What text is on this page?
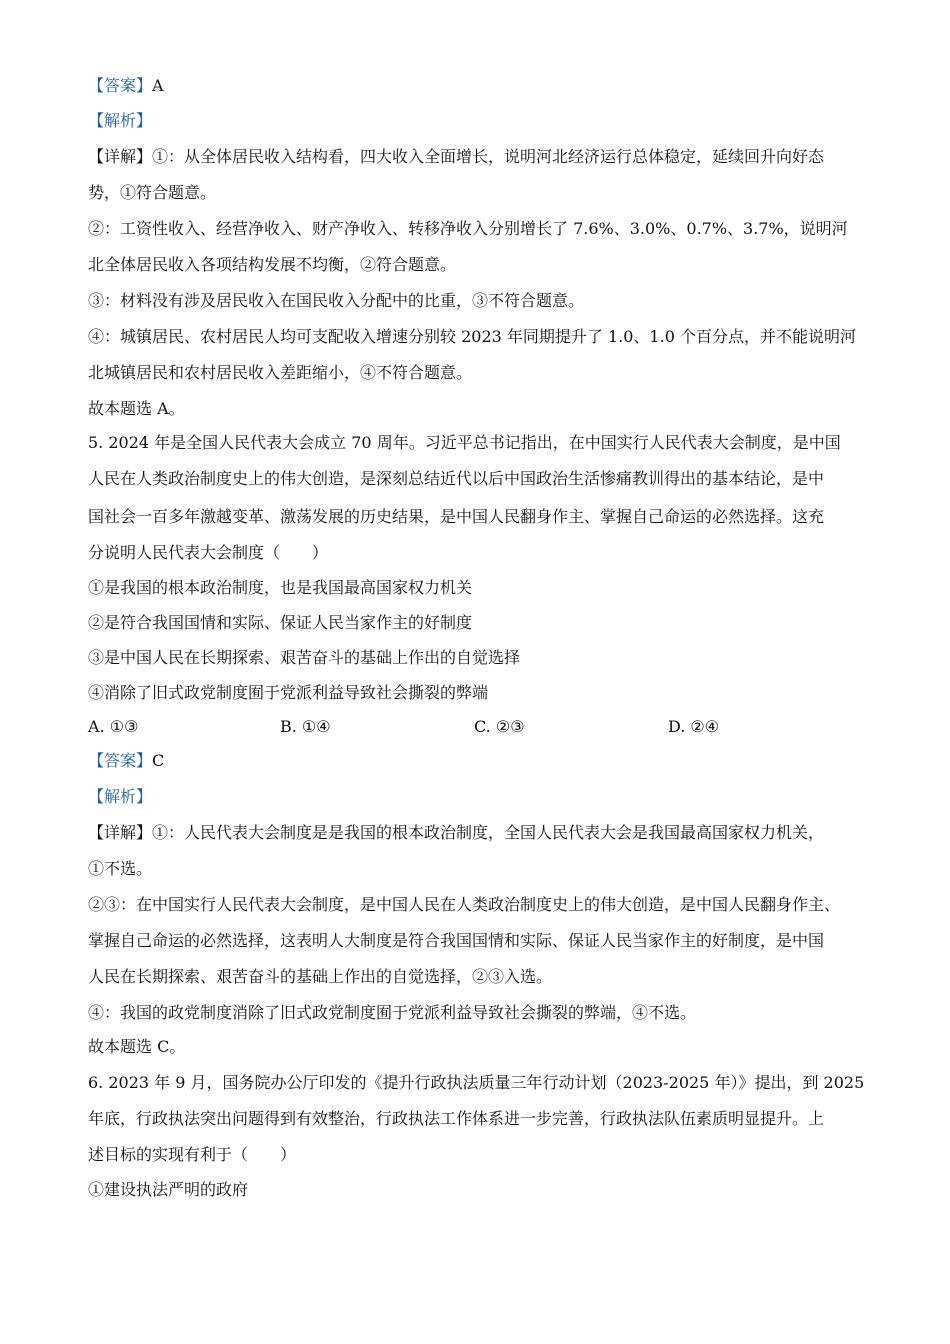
【答案】A
【解析】
【详解】①：从全体居民收入结构看，四大收入全面增长，说明河北经济运行总体稳定，延续回升向好态
势，①符合题意。
②：工资性收入、经营净收入、财产净收入、转移净收入分别增长了 7.6%、3.0%、0.7%、3.7%，说明河
北全体居民收入各项结构发展不均衡，②符合题意。
③：材料没有涉及居民收入在国民收入分配中的比重，③不符合题意。
④：城镇居民、农村居民人均可支配收入增速分别较 2023 年同期提升了 1.0、1.0 个百分点，并不能说明河
北城镇居民和农村居民收入差距缩小，④不符合题意。
故本题选 A。
5. 2024 年是全国人民代表大会成立 70 周年。习近平总书记指出，在中国实行人民代表大会制度，是中国
人民在人类政治制度史上的伟大创造，是深刻总结近代以后中国政治生活惨痛教训得出的基本结论，是中
国社会一百多年激越变革、激荡发展的历史结果，是中国人民翻身作主、掌握自己命运的必然选择。这充
分说明人民代表大会制度（　　）
①是我国的根本政治制度，也是我国最高国家权力机关
②是符合我国国情和实际、保证人民当家作主的好制度
③是中国人民在长期探索、艰苦奋斗的基础上作出的自觉选择
④消除了旧式政党制度囿于党派利益导致社会撕裂的弊端
A. ①③	B. ①④	C. ②③	D. ②④
【答案】C
【解析】
【详解】①：人民代表大会制度是是我国的根本政治制度，全国人民代表大会是我国最高国家权力机关，
①不选。
②③：在中国实行人民代表大会制度，是中国人民在人类政治制度史上的伟大创造，是中国人民翻身作主、
掌握自己命运的必然选择，这表明人大制度是符合我国国情和实际、保证人民当家作主的好制度，是中国
人民在长期探索、艰苦奋斗的基础上作出的自觉选择，②③入选。
④：我国的政党制度消除了旧式政党制度囿于党派利益导致社会撕裂的弊端，④不选。
故本题选 C。
6. 2023 年 9 月，国务院办公厅印发的《提升行政执法质量三年行动计划（2023-2025 年）》提出，到 2025
年底，行政执法突出问题得到有效整治，行政执法工作体系进一步完善，行政执法队伍素质明显提升。上
述目标的实现有利于（　　）
①建设执法严明的政府
